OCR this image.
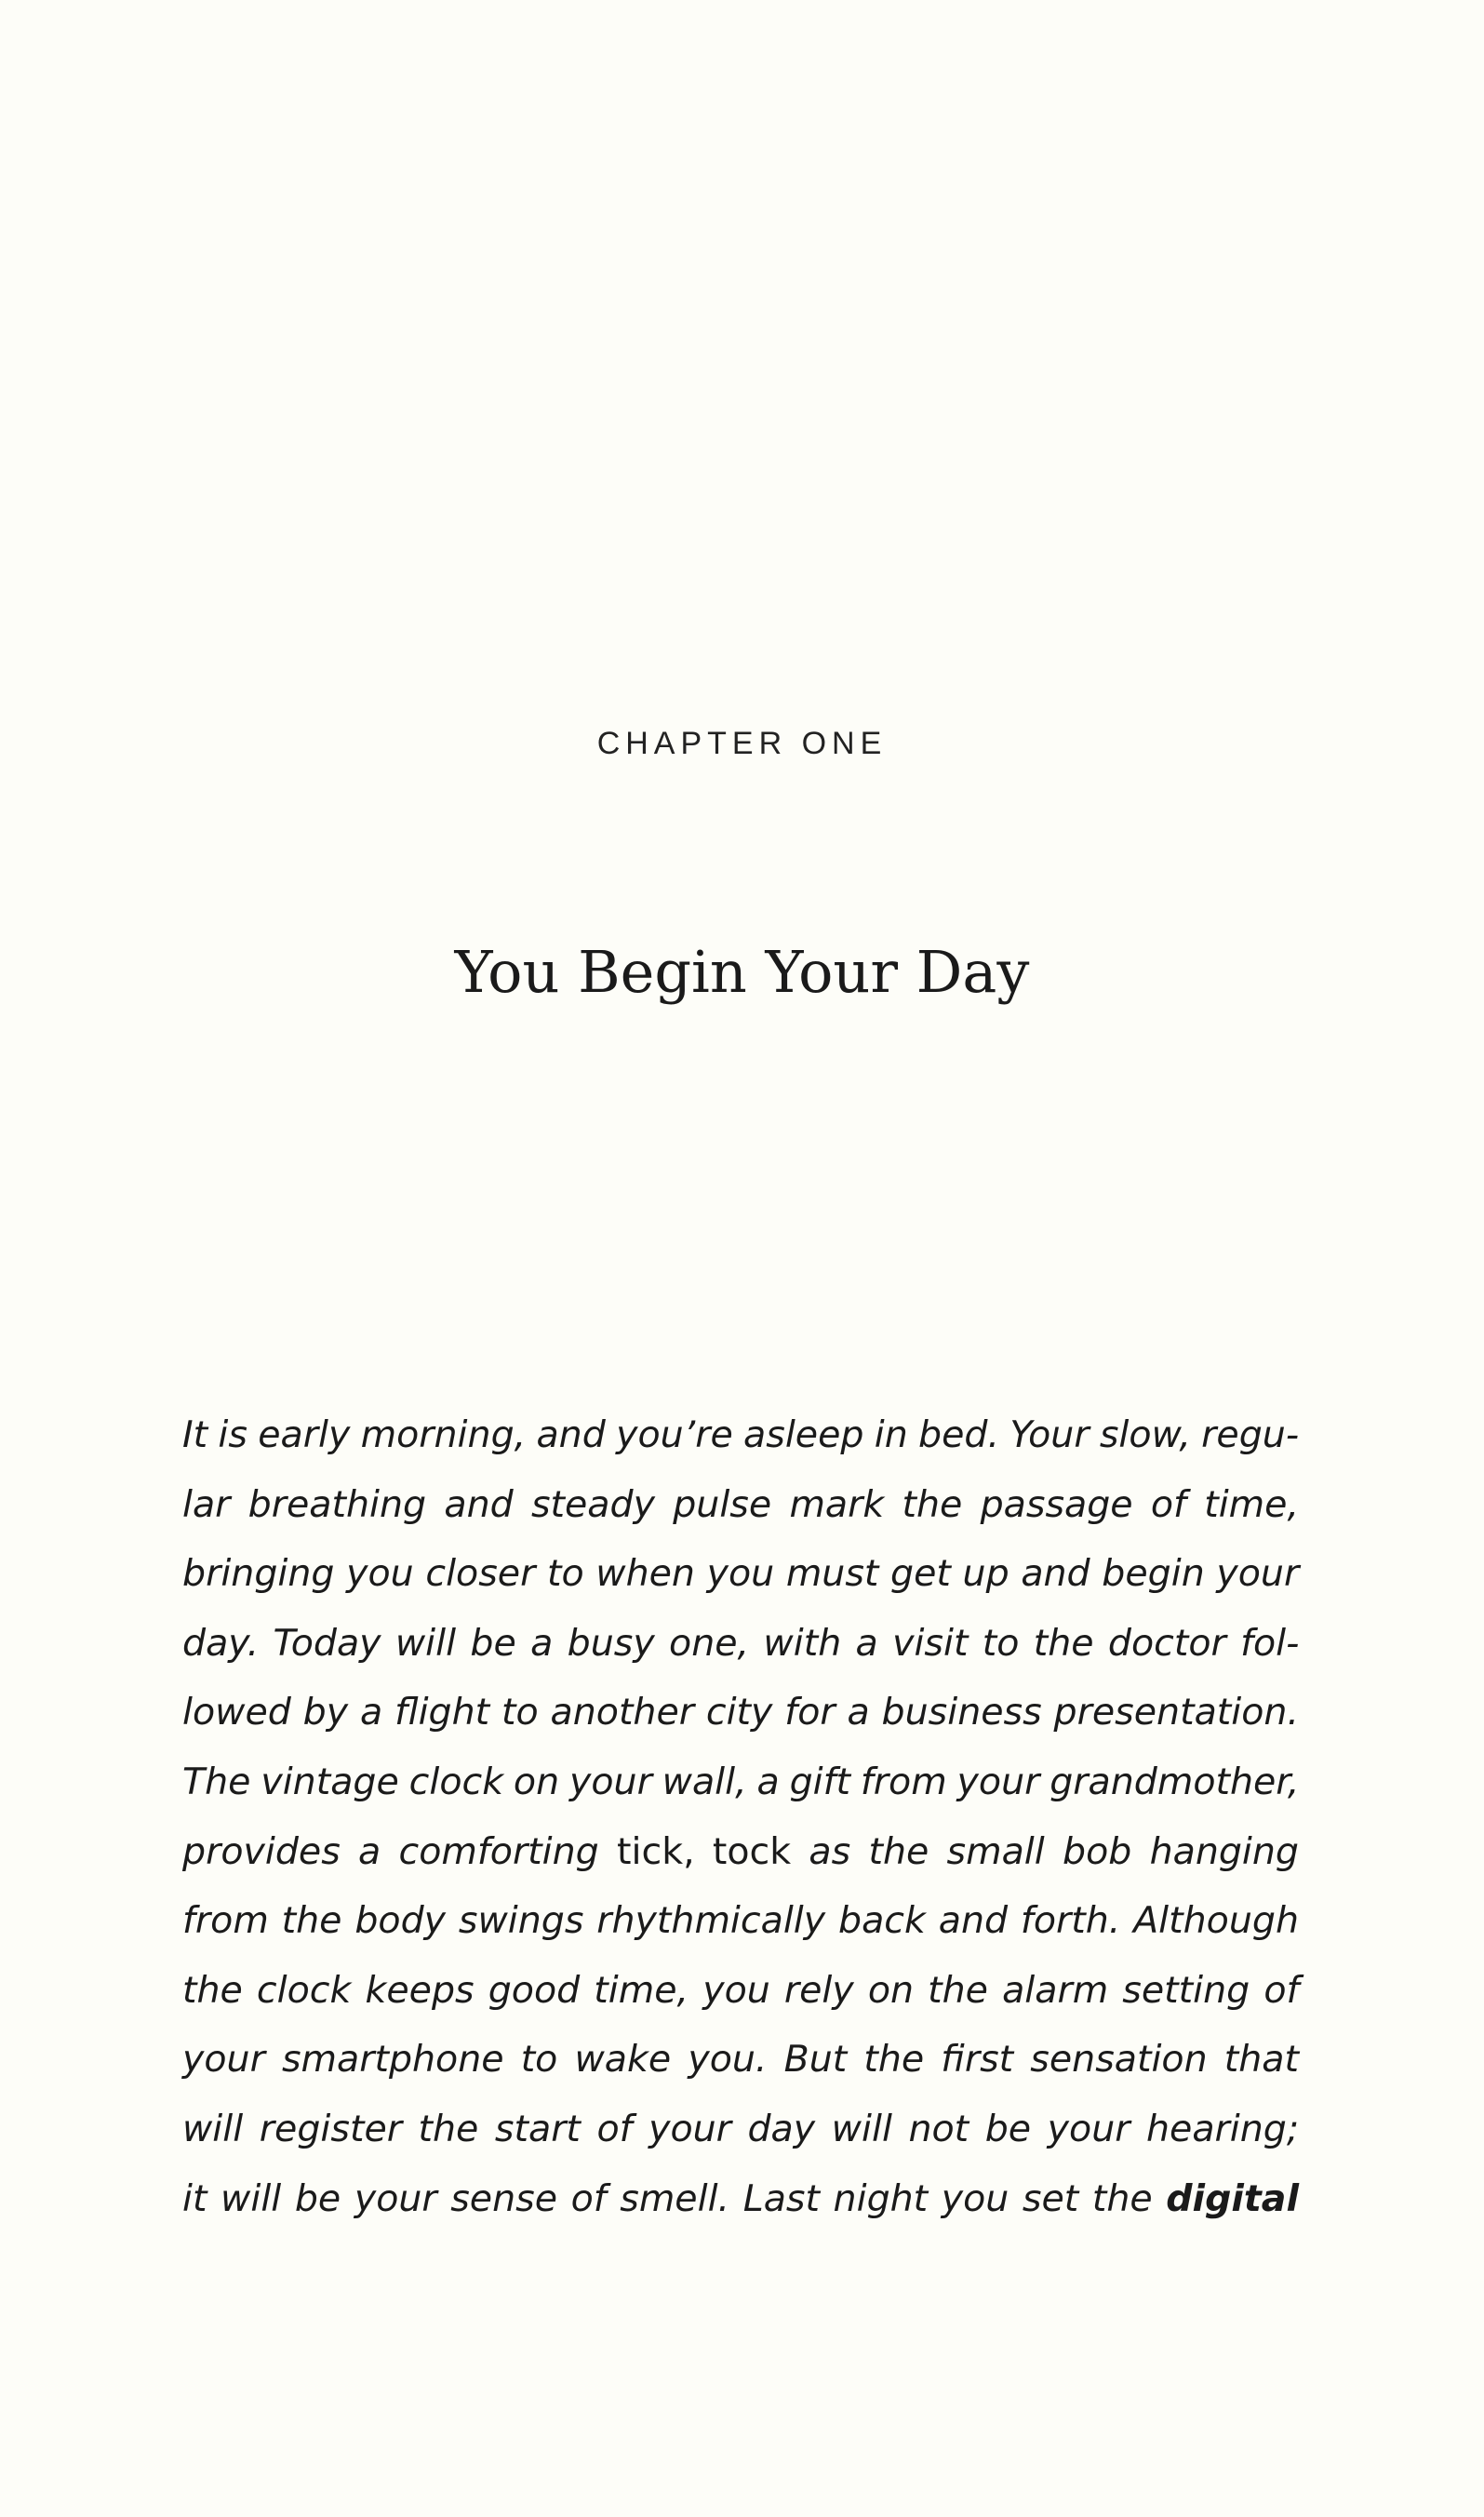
CHAPTER ONE
You Begin Your Day
It is early morning, and you’re asleep in bed. Your slow, regu-
lar breathing and steady pulse mark the passage of time,
bringing you closer to when you must get up and begin your
day. Today will be a busy one, with a visit to the doctor fol-
lowed by a flight to another city for a business presentation.
The vintage clock on your wall, a gift from your grandmother,
provides a comforting tick, tock as the small bob hanging
from the body swings rhythmically back and forth. Although
the clock keeps good time, you rely on the alarm setting of
your smartphone to wake you. But the first sensation that
will register the start of your day will not be your hearing;
it will be your sense of smell. Last night you set the digital
